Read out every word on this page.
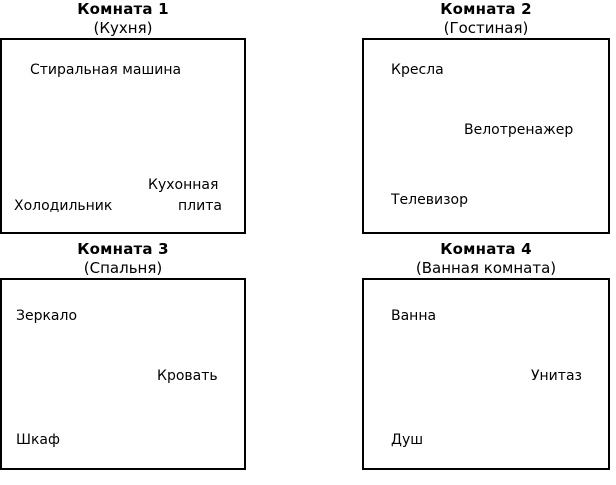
Комната 1
(Кухня)
Стиральная машина
Кухонная
Холодильник	плита
Комната 2
(Гостиная)
Кресла
Велотренажер
Телевизор
Комната 3
(Спальня)
Зеркало
Кровать
Шкаф
Комната 4
(Ванная комната)
Ванна
Унитаз
Душ
